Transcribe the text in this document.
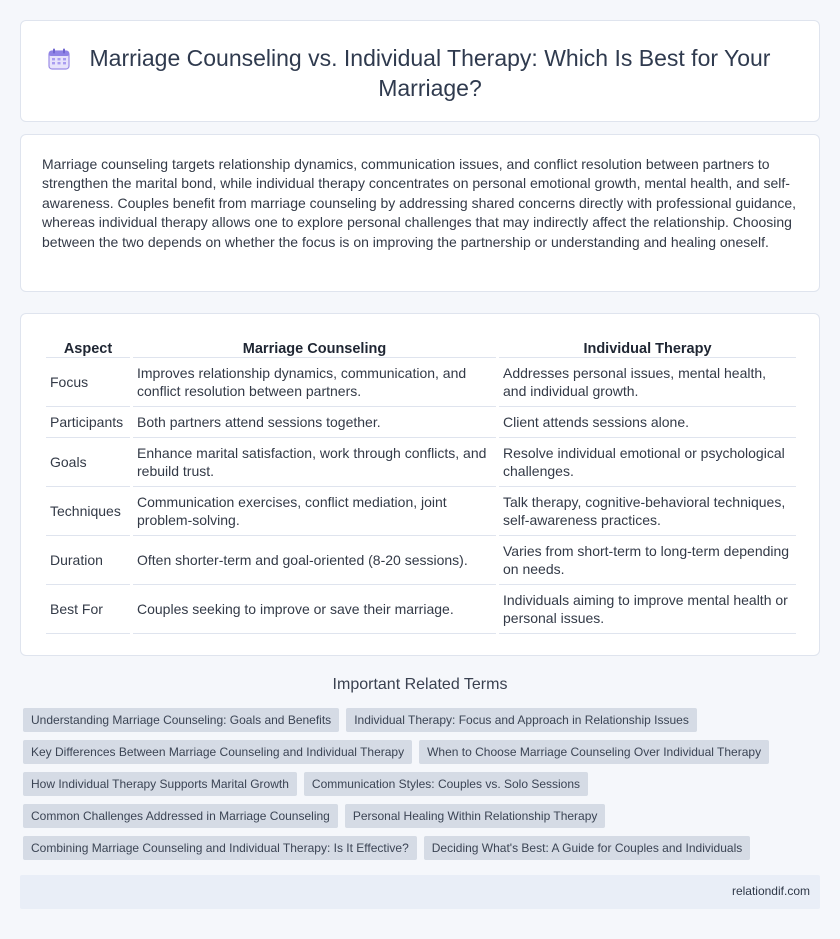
Marriage Counseling vs. Individual Therapy: Which Is Best for Your Marriage?

Marriage counseling targets relationship dynamics, communication issues, and conflict resolution between partners to strengthen the marital bond, while individual therapy concentrates on personal emotional growth, mental health, and self-awareness. Couples benefit from marriage counseling by addressing shared concerns directly with professional guidance, whereas individual therapy allows one to explore personal challenges that may indirectly affect the relationship. Choosing between the two depends on whether the focus is on improving the partnership or understanding and healing oneself.

Aspect	Marriage Counseling	Individual Therapy
Focus	Improves relationship dynamics, communication, and conflict resolution between partners.	Addresses personal issues, mental health, and individual growth.
Participants	Both partners attend sessions together.	Client attends sessions alone.
Goals	Enhance marital satisfaction, work through conflicts, and rebuild trust.	Resolve individual emotional or psychological challenges.
Techniques	Communication exercises, conflict mediation, joint problem-solving.	Talk therapy, cognitive-behavioral techniques, self-awareness practices.
Duration	Often shorter-term and goal-oriented (8-20 sessions).	Varies from short-term to long-term depending on needs.
Best For	Couples seeking to improve or save their marriage.	Individuals aiming to improve mental health or personal issues.
Important Related Terms
Understanding Marriage Counseling: Goals and Benefits	Individual Therapy: Focus and Approach in Relationship Issues
Key Differences Between Marriage Counseling and Individual Therapy	When to Choose Marriage Counseling Over Individual Therapy
How Individual Therapy Supports Marital Growth	Communication Styles: Couples vs. Solo Sessions
Common Challenges Addressed in Marriage Counseling	Personal Healing Within Relationship Therapy
Combining Marriage Counseling and Individual Therapy: Is It Effective?	Deciding What's Best: A Guide for Couples and Individuals
relationdif.com
